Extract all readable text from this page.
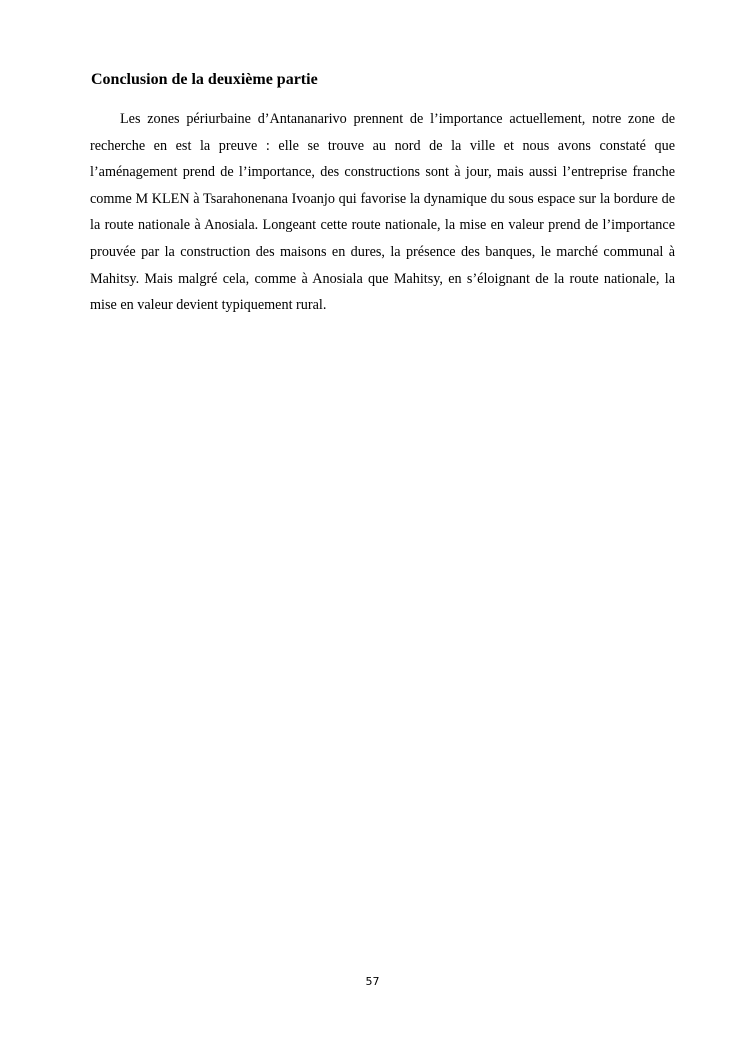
Conclusion de la deuxième partie

Les zones périurbaine d’Antananarivo prennent de l’importance actuellement, notre zone de recherche en est la preuve : elle se trouve au nord de la ville et nous avons constaté que l’aménagement prend de l’importance, des constructions sont à jour, mais aussi l’entreprise franche comme M KLEN à Tsarahonenana Ivoanjo qui favorise la dynamique du sous espace sur la bordure de la route nationale à Anosiala. Longeant cette route nationale, la mise en valeur prend de l’importance prouvée par la construction des maisons en dures, la présence des banques, le marché communal à Mahitsy. Mais malgré cela, comme à Anosiala que Mahitsy, en s’éloignant de la route nationale, la mise en valeur devient typiquement rural.

57
